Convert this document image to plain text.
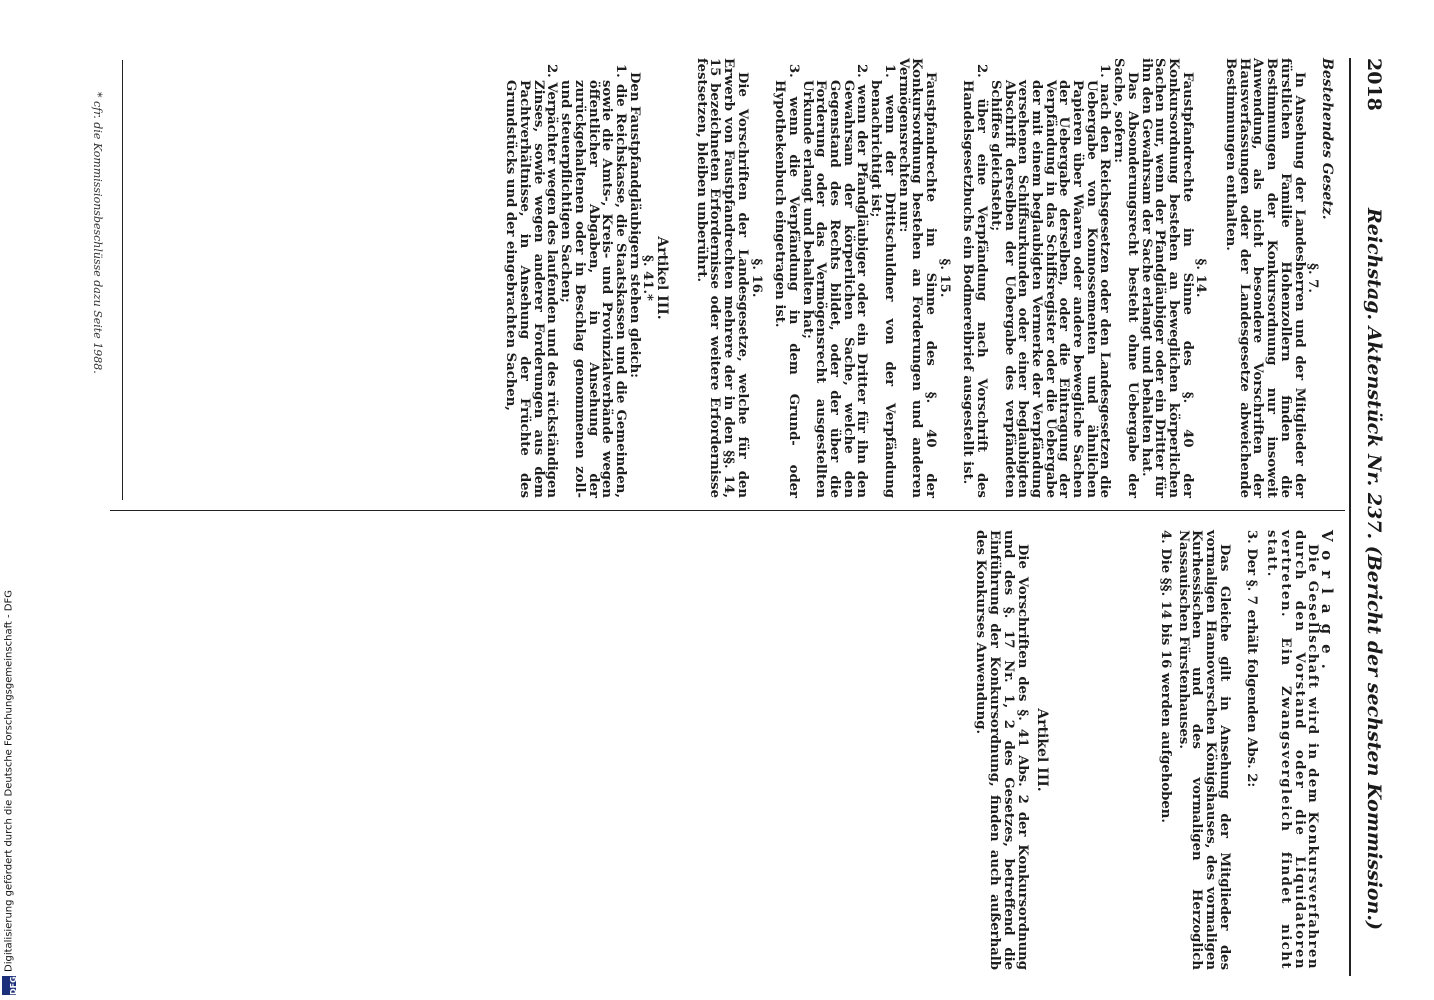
2018
Reichstag. Aktenstück Nr. 237. (Bericht der sechsten Kommission.)

Bestehendes Gesetz.

§. 7.

In Ansehung der Landesherren und der Mitglieder der fürstlichen Familie Hohenzollern finden die Bestimmungen der Konkursordnung nur insoweit Anwendung, als nicht besondere Vorschriften der Hausverfassungen oder der Landesgesetze abweichende Bestimmungen enthalten.

§. 14.

Faustpfandrechte im Sinne des §. 40 der Konkursordnung bestehen an beweglichen körperlichen Sachen nur, wenn der Pfandgläubiger oder ein Dritter für ihn den Gewahrsam der Sache erlangt und behalten hat.

Das Absonderungsrecht besteht ohne Uebergabe der Sache, sofern:

1. nach den Reichsgesetzen oder den Landesgesetzen die Uebergabe von Konnossementen und ähnlichen Papieren über Waaren oder andere bewegliche Sachen der Uebergabe derselben, oder die Eintragung der Verpfändung in das Schiffsregister oder die Uebergabe der mit einem beglaubigten Vermerke der Verpfändung versehenen Schiffsurkunden oder einer beglaubigten Abschrift derselben der Uebergabe des verpfändeten Schiffes gleichsteht;

2. über eine Verpfändung nach Vorschrift des Handelsgesetzbuchs ein Bodmereibrief ausgestellt ist.

§. 15.

Faustpfandrechte im Sinne des §. 40 der Konkursordnung bestehen an Forderungen und anderen Vermögensrechten nur:

1. wenn der Drittschuldner von der Verpfändung benachrichtigt ist;

2. wenn der Pfandgläubiger oder ein Dritter für ihn den Gewahrsam der körperlichen Sache, welche den Gegenstand des Rechts bildet, oder der über die Forderung oder das Vermögensrecht ausgestellten Urkunde erlangt und behalten hat;

3. wenn die Verpfändung in dem Grund- oder Hypothekenbuch eingetragen ist.

§. 16.

Die Vorschriften der Landesgesetze, welche für den Erwerb von Faustpfandrechten mehrere der in den §§. 14, 15 bezeichneten Erfordernisse oder weitere Erfordernisse festsetzen, bleiben unberührt.

Artikel III.

§. 41.*

Den Faustpfandgläubigern stehen gleich:

1. die Reichskasse, die Staatskassen und die Gemeinden, sowie die Amts-, Kreis- und Provinzialverbände wegen öffentlicher Abgaben, in Ansehung der zurückgehaltenen oder in Beschlag genommenen zoll- und steuerpflichtigen Sachen;

2. Verpächter wegen des laufenden und des rückständigen Zinses, sowie wegen anderer Forderungen aus dem Pachtverhältnisse, in Ansehung der Früchte des Grundstücks und der eingebrachten Sachen,

* cfr. die Kommissionsbeschlüsse dazu Seite 1988.

Vorlage.

Die Gesellschaft wird in dem Konkursverfahren durch den Vorstand oder die Liquidatoren vertreten. Ein Zwangsvergleich findet nicht statt.

3. Der §. 7 erhält folgenden Abs. 2:

Das Gleiche gilt in Ansehung der Mitglieder des vormaligen Hannoverschen Königshauses, des vormaligen Kurhessischen und des vormaligen Herzoglich Nassauischen Fürstenhauses.

4. Die §§. 14 bis 16 werden aufgehoben.

Artikel III.

Die Vorschriften des §. 41 Abs. 2 der Konkursordnung und des §. 17 Nr. 1, 2 des Gesetzes, betreffend die Einführung der Konkursordnung, finden auch außerhalb des Konkurses Anwendung.

DFG
Digitalisierung gefördert durch die Deutsche Forschungsgemeinschaft - DFG
